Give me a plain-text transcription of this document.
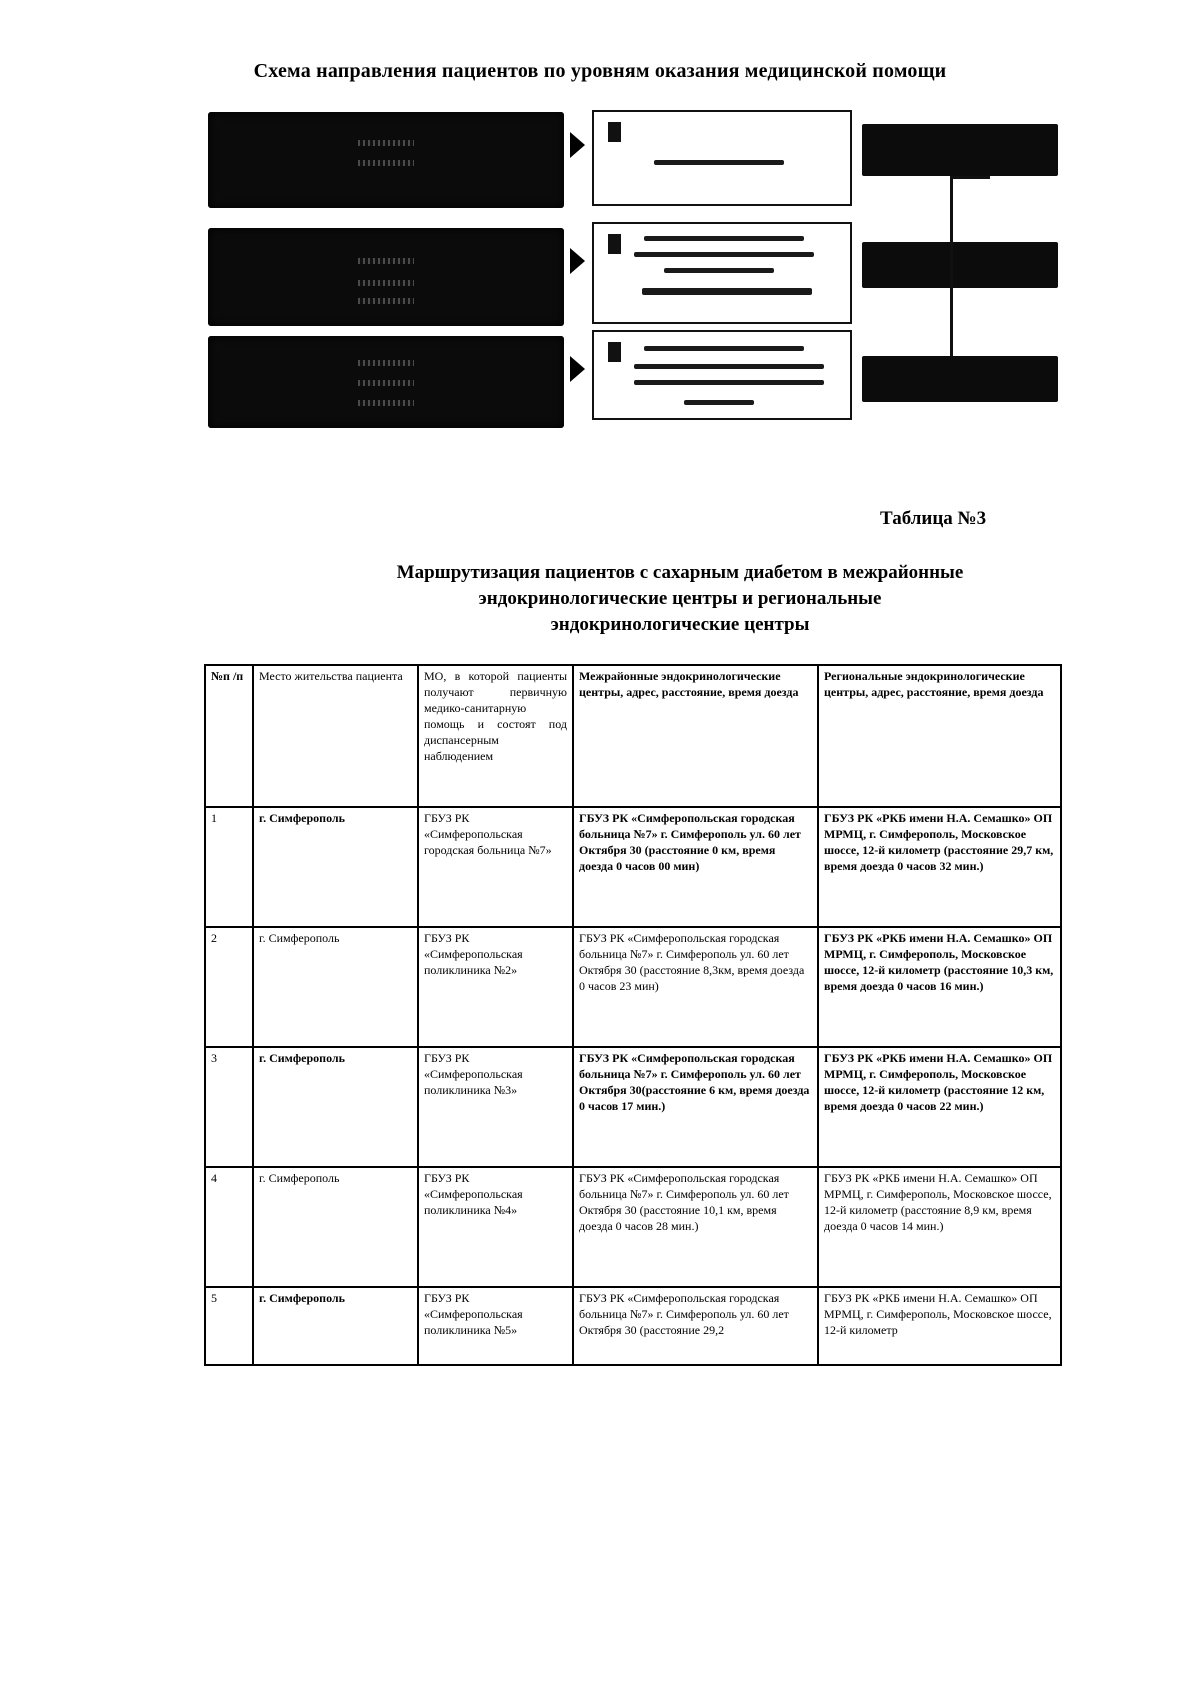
Схема направления пациентов по уровням оказания медицинской помощи
Таблица №3
Маршрутизация пациентов с сахарным диабетом в межрайонные
эндокринологические центры и региональные
эндокринологические центры
№п /п	Место жительства пациента	МО, в которой пациенты получают первичную медико-санитарную помощь и состоят под диспансерным наблюдением	Межрайонные эндокринологические центры, адрес, расстояние, время доезда	Региональные эндокринологические центры, адрес, расстояние, время доезда
1	г. Симферополь	ГБУЗ РК «Симферопольская городская больница №7»	ГБУЗ РК «Симферопольская городская больница №7» г. Симферополь ул. 60 лет Октября 30 (расстояние 0 км, время доезда 0 часов 00 мин)	ГБУЗ РК «РКБ имени Н.А. Семашко» ОП МРМЦ, г. Симферополь, Московское шоссе, 12-й километр (расстояние 29,7 км, время доезда 0 часов 32 мин.)
2	г. Симферополь	ГБУЗ РК «Симферопольская поликлиника №2»	ГБУЗ РК «Симферопольская городская больница №7» г. Симферополь ул. 60 лет Октября 30 (расстояние 8,3км, время доезда 0 часов 23 мин)	ГБУЗ РК «РКБ имени Н.А. Семашко» ОП МРМЦ, г. Симферополь, Московское шоссе, 12-й километр (расстояние 10,3 км, время доезда 0 часов 16 мин.)
3	г. Симферополь	ГБУЗ РК «Симферопольская поликлиника №3»	ГБУЗ РК «Симферопольская городская больница №7» г. Симферополь ул. 60 лет Октября 30(расстояние 6 км, время доезда 0 часов 17 мин.)	ГБУЗ РК «РКБ имени Н.А. Семашко» ОП МРМЦ, г. Симферополь, Московское шоссе, 12-й километр (расстояние 12 км, время доезда 0 часов 22 мин.)
4	г. Симферополь	ГБУЗ РК «Симферопольская поликлиника №4»	ГБУЗ РК «Симферопольская городская больница №7» г. Симферополь ул. 60 лет Октября 30 (расстояние 10,1 км, время доезда 0 часов 28 мин.)	ГБУЗ РК «РКБ имени Н.А. Семашко» ОП МРМЦ, г. Симферополь, Московское шоссе, 12-й километр (расстояние 8,9 км, время доезда 0 часов 14 мин.)
5	г. Симферополь	ГБУЗ РК «Симферопольская поликлиника №5»	ГБУЗ РК «Симферопольская городская больница №7» г. Симферополь ул. 60 лет Октября 30 (расстояние 29,2	ГБУЗ РК «РКБ имени Н.А. Семашко» ОП МРМЦ, г. Симферополь, Московское шоссе, 12-й километр
